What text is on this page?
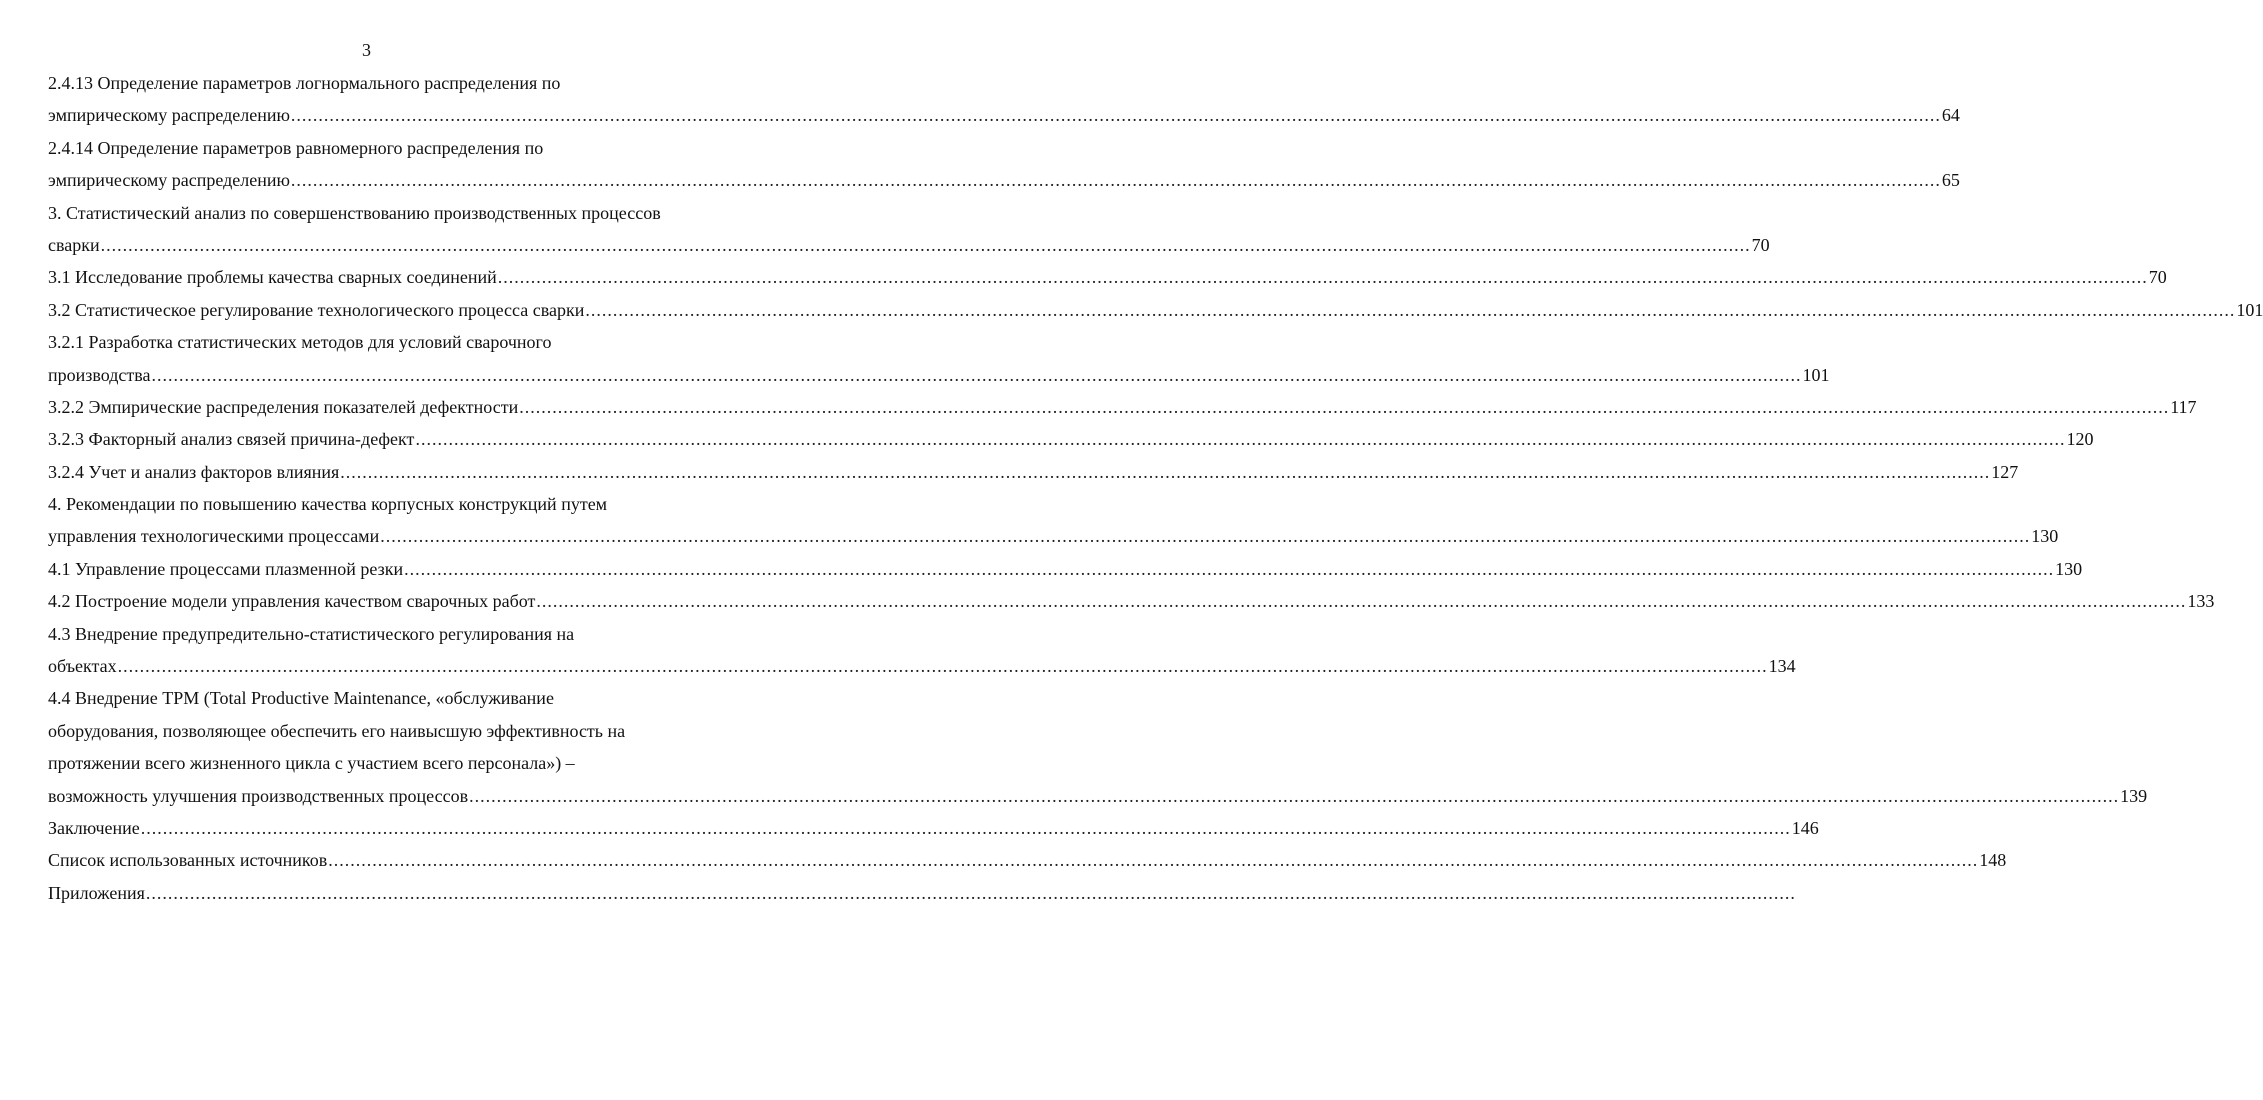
3
2.4.13 Определение параметров логнормального распределения по
эмпирическому распределению ............................................................................................................................................................................................................................................................................................................ 64
2.4.14 Определение параметров равномерного распределения по
эмпирическому распределению ............................................................................................................................................................................................................................................................................................................ 65
3. Статистический анализ по совершенствованию производственных процессов
сварки ............................................................................................................................................................................................................................................................................................................ 70
3.1 Исследование проблемы качества сварных соединений ............................................................................................................................................................................................................................................................................................................ 70
3.2 Статистическое регулирование технологического процесса сварки ............................................................................................................................................................................................................................................................................................................ 101
3.2.1 Разработка статистических методов для условий сварочного
производства ............................................................................................................................................................................................................................................................................................................ 101
3.2.2 Эмпирические распределения показателей дефектности ............................................................................................................................................................................................................................................................................................................ 117
3.2.3 Факторный анализ связей причина-дефект ............................................................................................................................................................................................................................................................................................................ 120
3.2.4 Учет и анализ факторов влияния ............................................................................................................................................................................................................................................................................................................ 127
4. Рекомендации по повышению качества корпусных конструкций путем
управления технологическими процессами ............................................................................................................................................................................................................................................................................................................ 130
4.1 Управление процессами плазменной резки ............................................................................................................................................................................................................................................................................................................ 130
4.2 Построение модели управления качеством сварочных работ ............................................................................................................................................................................................................................................................................................................ 133
4.3 Внедрение предупредительно-статистического регулирования на
объектах ............................................................................................................................................................................................................................................................................................................ 134
4.4 Внедрение ТРМ (Total Productive Maintenance, «обслуживание
оборудования, позволяющее обеспечить его наивысшую эффективность на
протяжении всего жизненного цикла с участием всего персонала») –
возможность улучшения производственных процессов ............................................................................................................................................................................................................................................................................................................ 139
Заключение ............................................................................................................................................................................................................................................................................................................ 146
Список использованных источников ............................................................................................................................................................................................................................................................................................................ 148
Приложения ............................................................................................................................................................................................................................................................................................................
